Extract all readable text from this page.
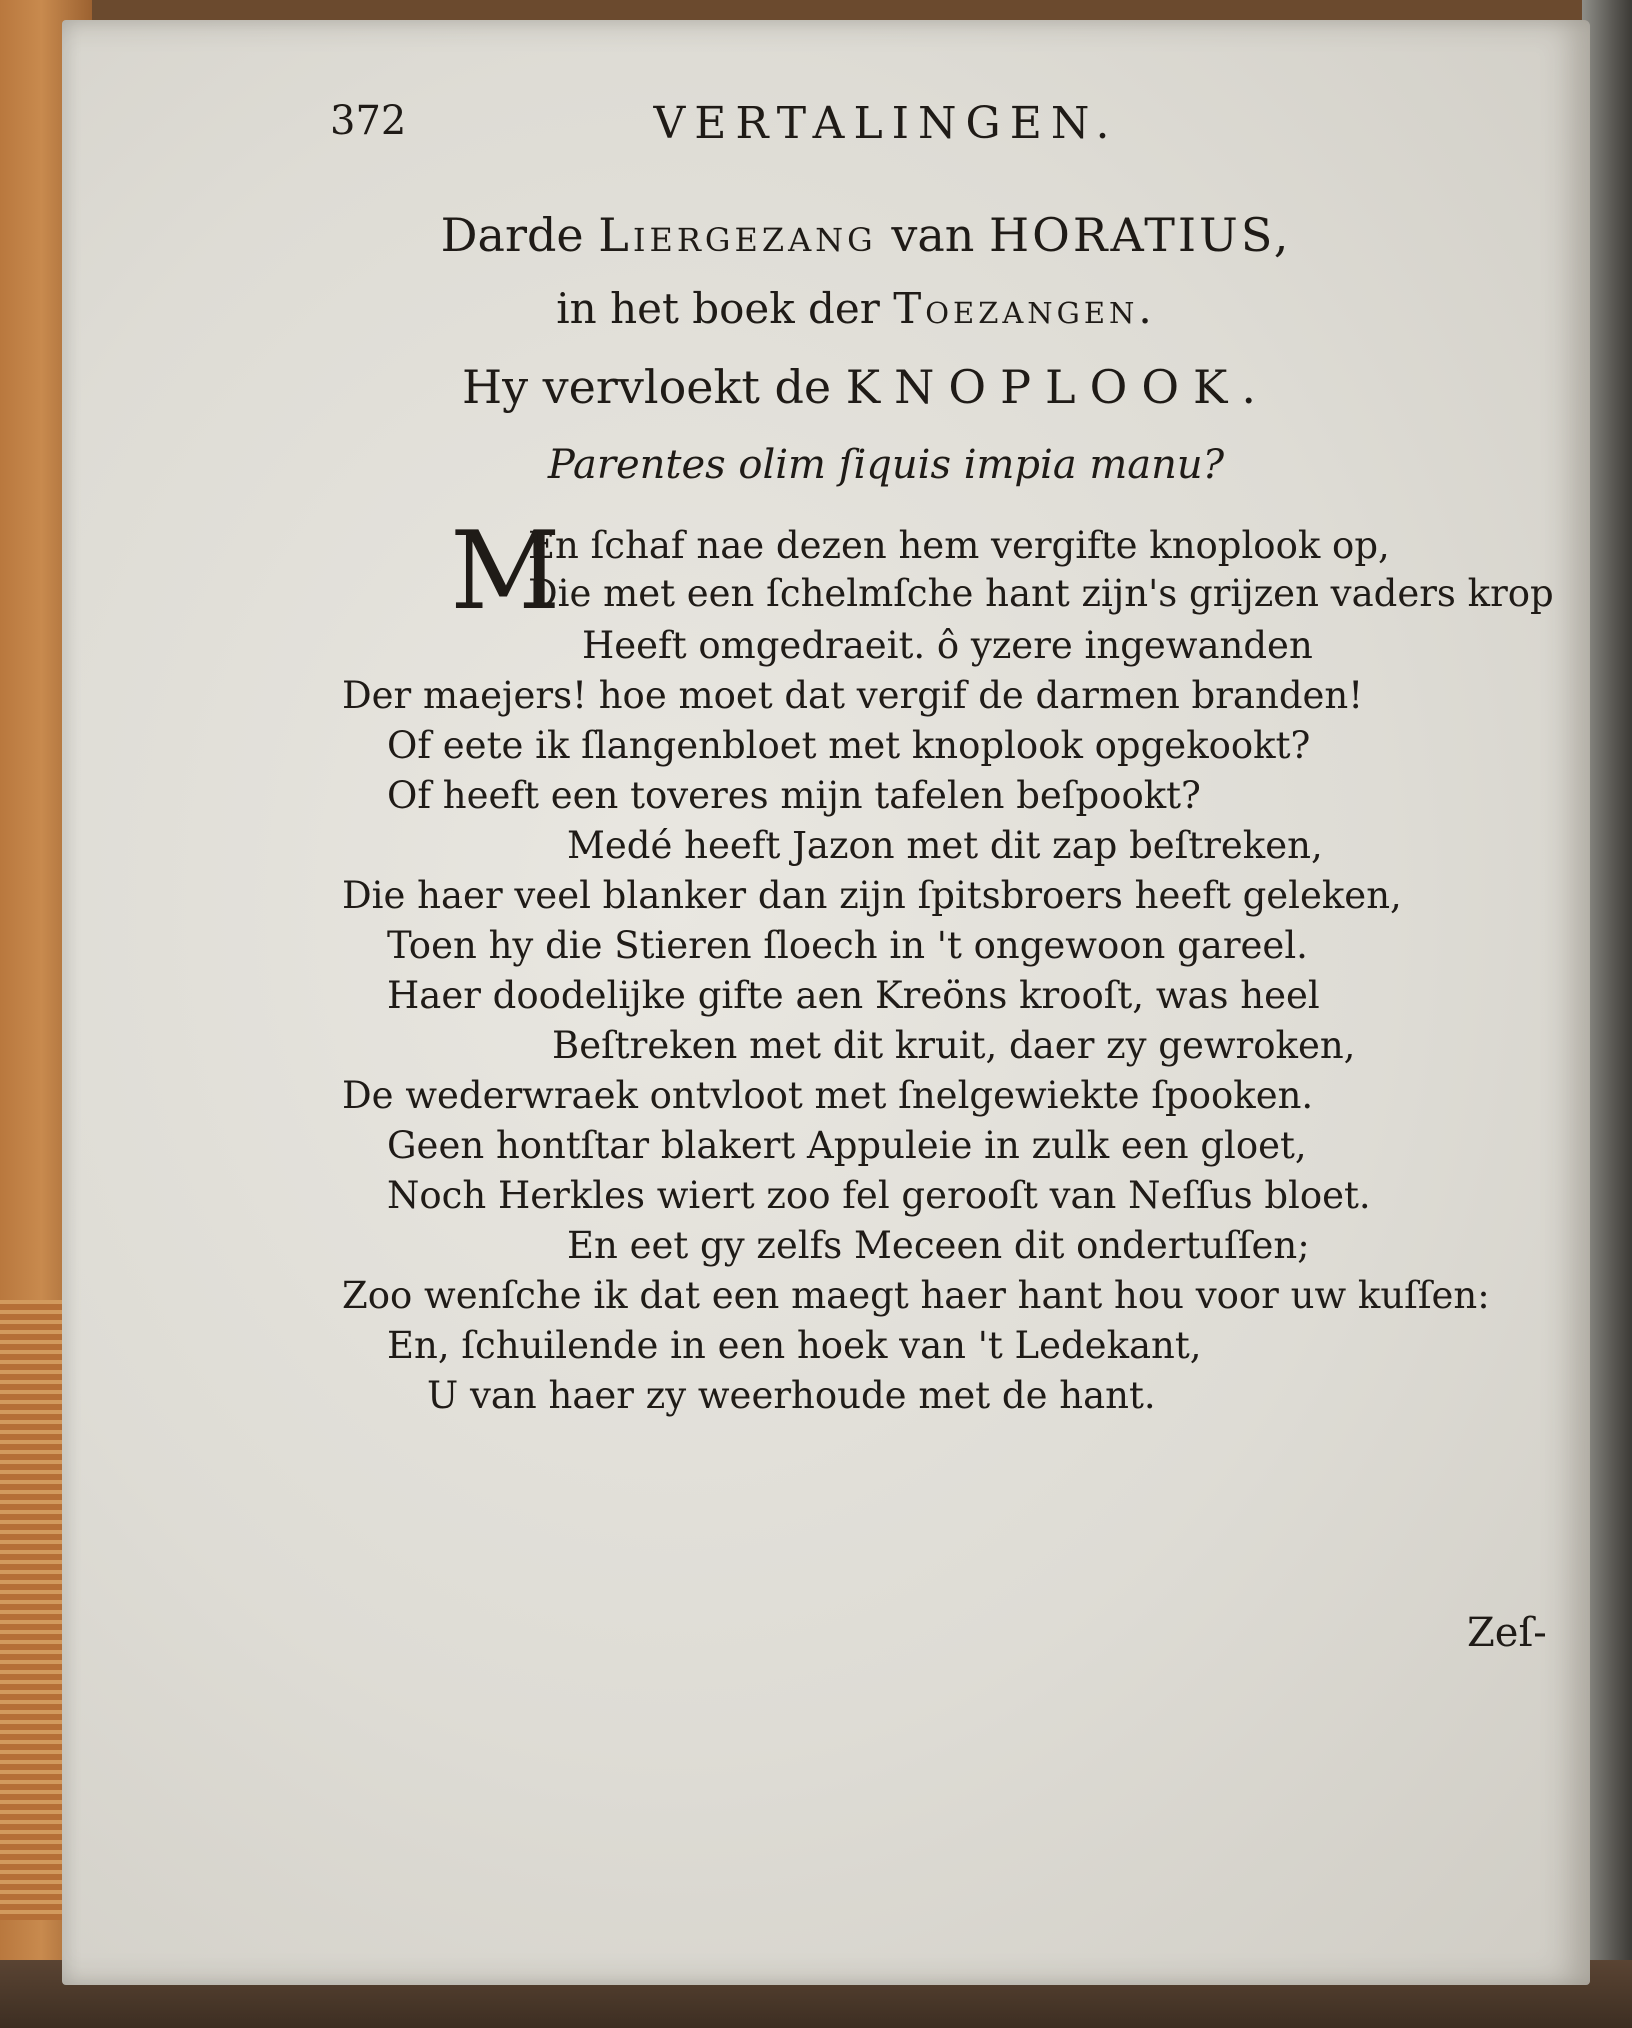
372	VERTALINGEN.
Darde Liergezang van HORATIUS,
in het boek der Toezangen.
Hy vervloekt de KNOPLOOK.
Parentes olim ſiquis impia manu?
M
En ſchaf nae dezen hem vergifte knoplook op,
Die met een ſchelmſche hant zijn's grijzen vaders krop
Heeft omgedraeit. ô yzere ingewanden
Der maejers! hoe moet dat vergif de darmen branden!
Of eete ik ſlangenbloet met knoplook opgekookt?
Of heeft een toveres mijn tafelen beſpookt?
Medé heeft Jazon met dit zap beſtreken,
Die haer veel blanker dan zijn ſpitsbroers heeft geleken,
Toen hy die Stieren ſloech in 't ongewoon gareel.
Haer doodelijke gifte aen Kreöns krooſt, was heel
Beſtreken met dit kruit, daer zy gewroken,
De wederwraek ontvloot met ſnelgewiekte ſpooken.
Geen hontſtar blakert Appuleie in zulk een gloet,
Noch Herkles wiert zoo fel gerooſt van Neſſus bloet.
En eet gy zelfs Meceen dit ondertuſſen;
Zoo wenſche ik dat een maegt haer hant hou voor uw kuſſen:
En, ſchuilende in een hoek van 't Ledekant,
U van haer zy weerhoude met de hant.
Zeſ-
